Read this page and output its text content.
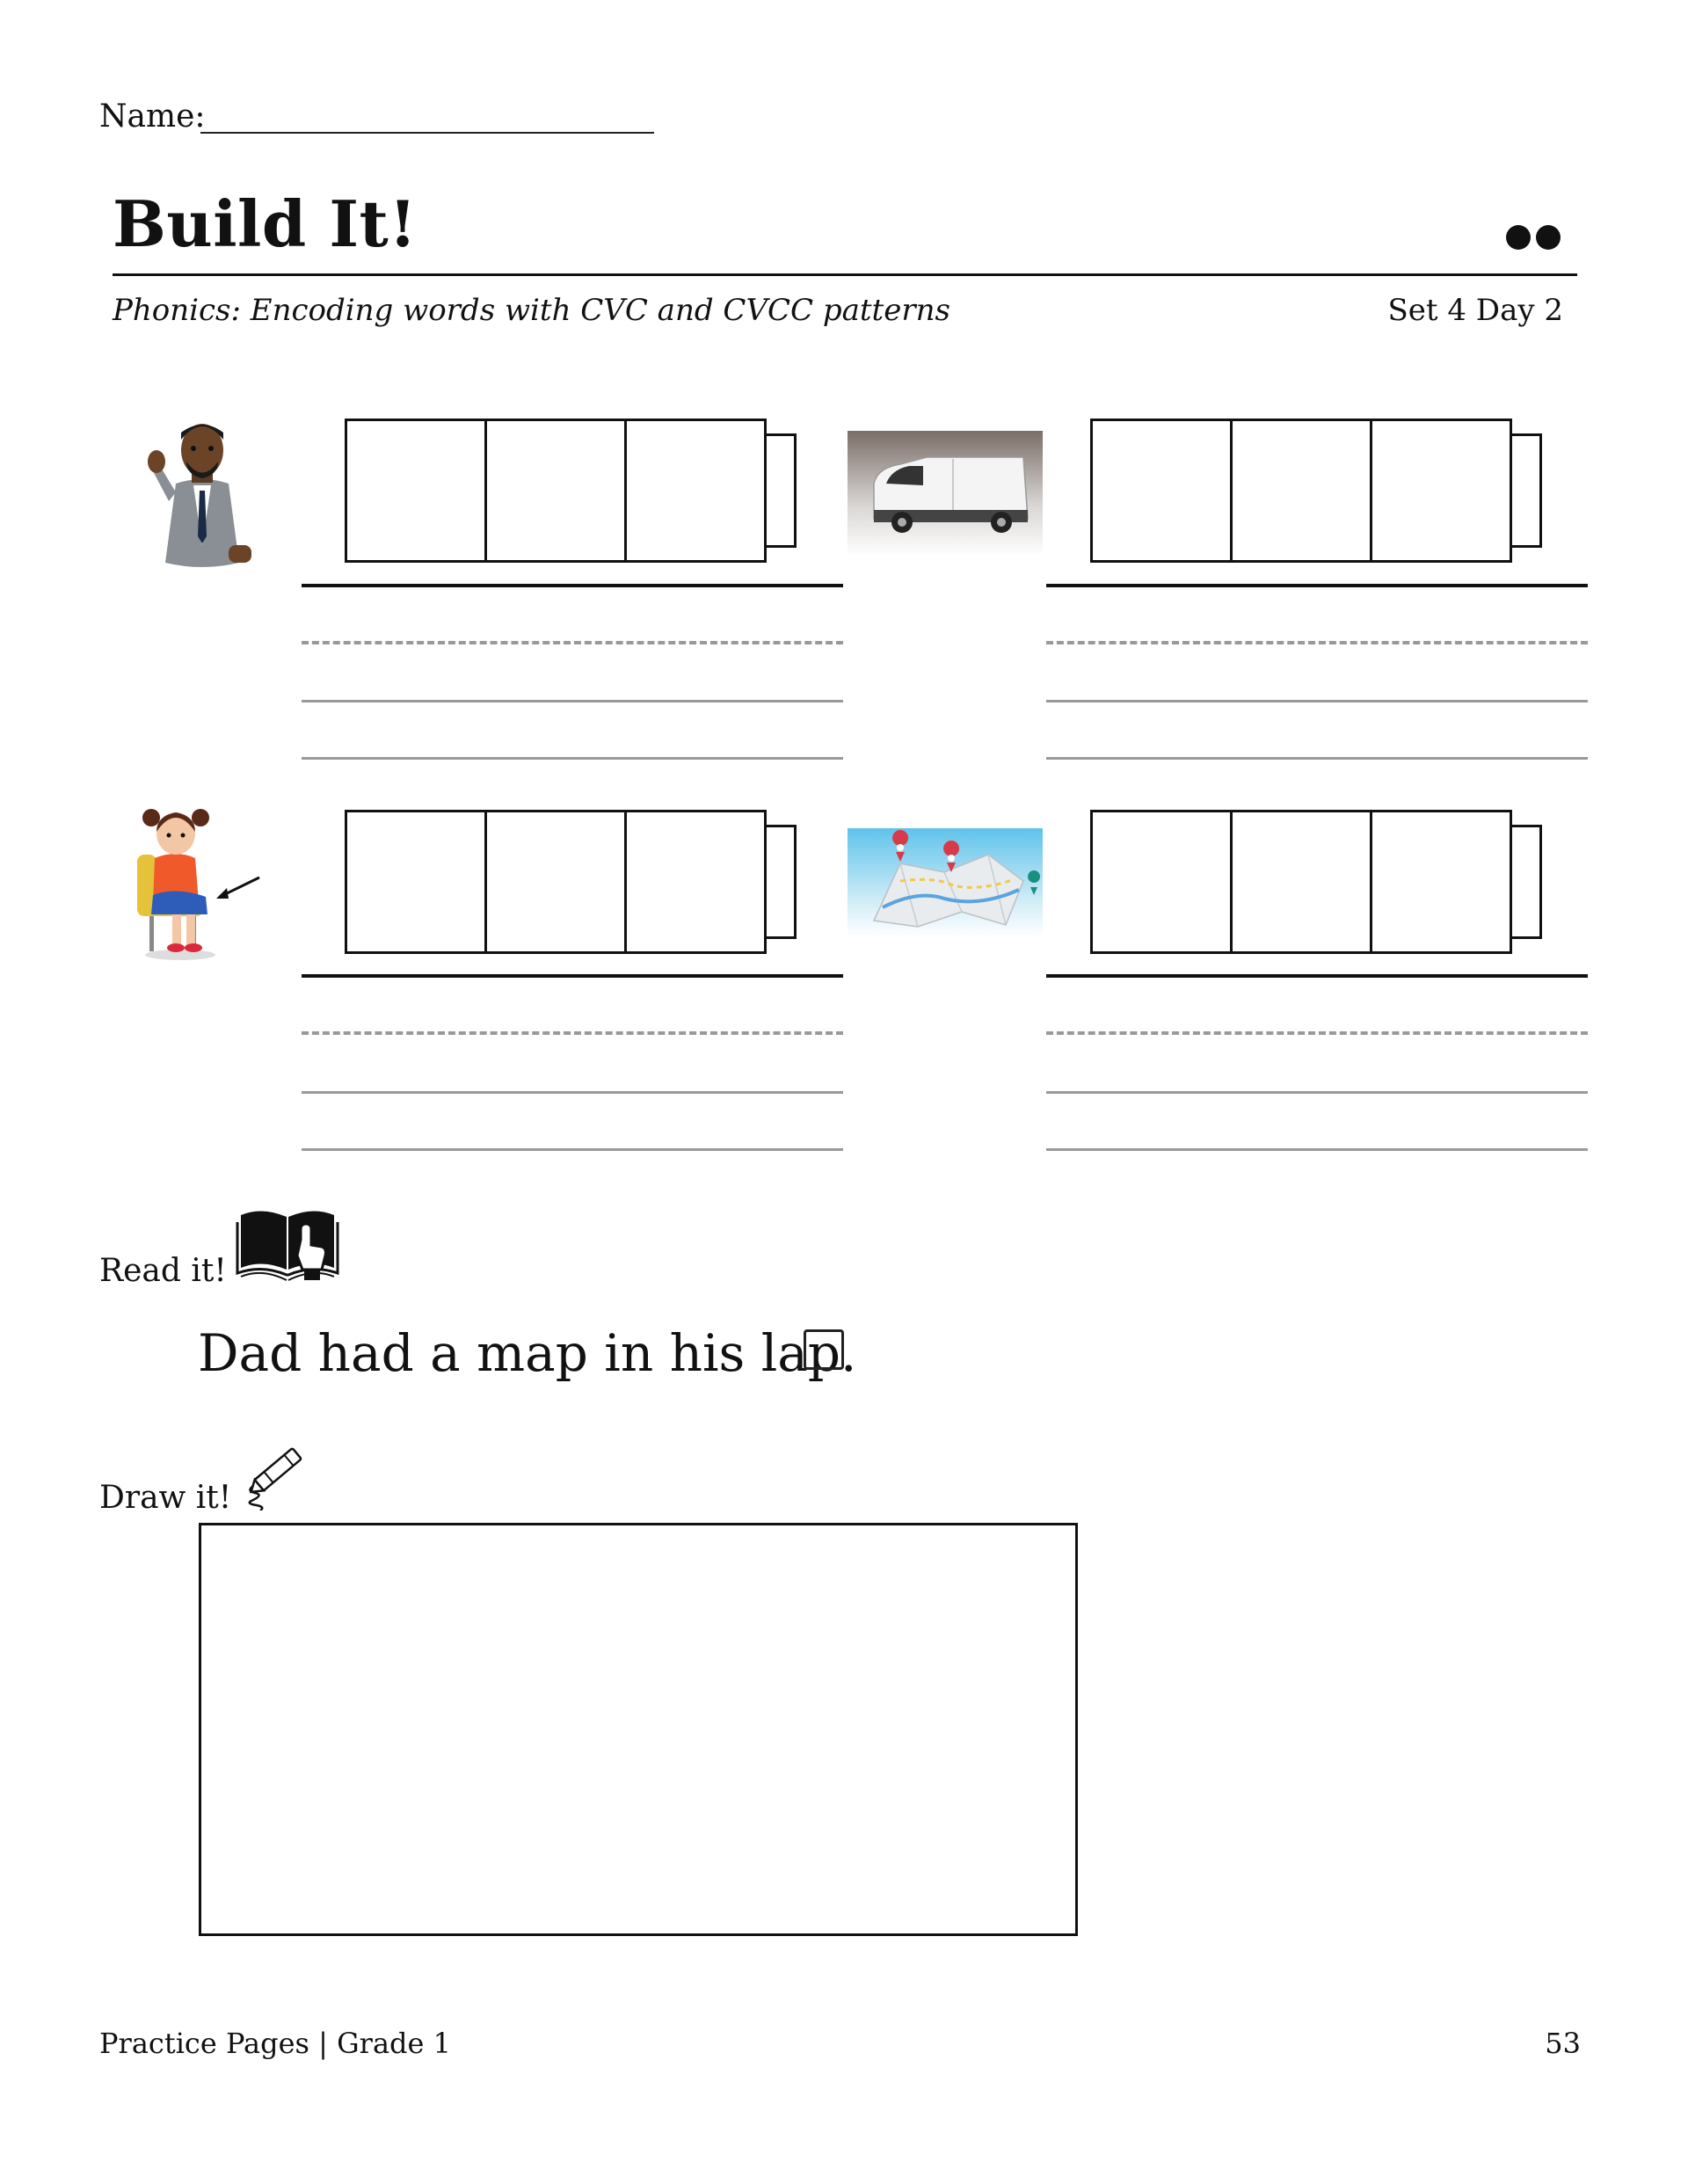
Name:
Build It!
Phonics: Encoding words with CVC and CVCC patterns	Set 4 Day 2
Read it!
Dad had a map in his lap.
Draw it!
Practice Pages | Grade 1	53
